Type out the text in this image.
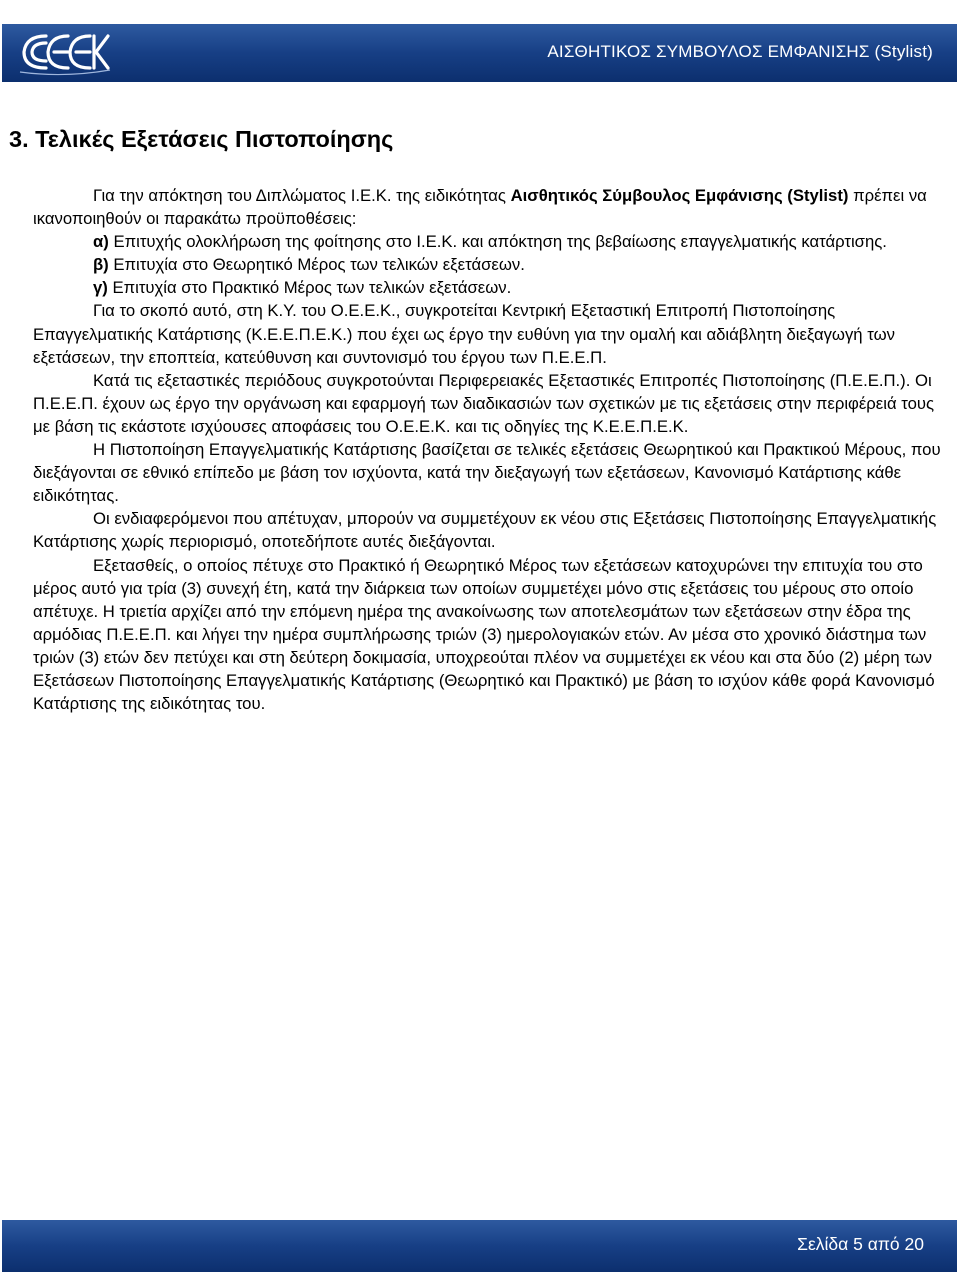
ΑΙΣΘΗΤΙΚΟΣ ΣΥΜΒΟΥΛΟΣ ΕΜΦΑΝΙΣΗΣ (Stylist)
3. Τελικές Εξετάσεις Πιστοποίησης

Για την απόκτηση του Διπλώματος Ι.Ε.Κ. της ειδικότητας Αισθητικός Σύμβουλος Εμφάνισης (Stylist) πρέπει να ικανοποιηθούν οι παρακάτω προϋποθέσεις:

α) Επιτυχής ολοκλήρωση της φοίτησης στο Ι.Ε.Κ. και απόκτηση της βεβαίωσης επαγγελματικής κατάρτισης.

β) Επιτυχία στο Θεωρητικό Μέρος των τελικών εξετάσεων.

γ) Επιτυχία στο Πρακτικό Μέρος των τελικών εξετάσεων.

Για το σκοπό αυτό, στη Κ.Υ. του Ο.Ε.Ε.Κ., συγκροτείται Κεντρική Εξεταστική Επιτροπή Πιστοποίησης Επαγγελματικής Κατάρτισης (Κ.Ε.Ε.Π.Ε.Κ.) που έχει ως έργο την ευθύνη για την ομαλή και αδιάβλητη διεξαγωγή των εξετάσεων, την εποπτεία, κατεύθυνση και συντονισμό του έργου των Π.Ε.Ε.Π.

Κατά τις εξεταστικές περιόδους συγκροτούνται Περιφερειακές Εξεταστικές Επιτροπές Πιστοποίησης (Π.Ε.Ε.Π.). Οι Π.Ε.Ε.Π. έχουν ως έργο την οργάνωση και εφαρμογή των διαδικασιών των σχετικών με τις εξετάσεις στην περιφέρειά τους με βάση τις εκάστοτε ισχύουσες αποφάσεις του Ο.Ε.Ε.Κ. και τις οδηγίες της Κ.Ε.Ε.Π.Ε.Κ.

Η Πιστοποίηση Επαγγελματικής Κατάρτισης βασίζεται σε τελικές εξετάσεις Θεωρητικού και Πρακτικού Μέρους, που διεξάγονται σε εθνικό επίπεδο με βάση τον ισχύοντα, κατά την διεξαγωγή των εξετάσεων, Κανονισμό Κατάρτισης κάθε ειδικότητας.

Οι ενδιαφερόμενοι που απέτυχαν, μπορούν να συμμετέχουν εκ νέου στις Εξετάσεις Πιστοποίησης Επαγγελματικής Κατάρτισης χωρίς περιορισμό, οποτεδήποτε αυτές διεξάγονται.

Εξετασθείς, ο οποίος πέτυχε στο Πρακτικό ή Θεωρητικό Μέρος των εξετάσεων κατοχυρώνει την επιτυχία του στο μέρος αυτό για τρία (3) συνεχή έτη, κατά την διάρκεια των οποίων συμμετέχει μόνο στις εξετάσεις του μέρους στο οποίο απέτυχε. Η τριετία αρχίζει από την επόμενη ημέρα της ανακοίνωσης των αποτελεσμάτων των εξετάσεων στην έδρα της αρμόδιας Π.Ε.Ε.Π. και λήγει την ημέρα συμπλήρωσης τριών (3) ημερολογιακών ετών. Αν μέσα στο χρονικό διάστημα των τριών (3) ετών δεν πετύχει και στη δεύτερη δοκιμασία, υποχρεούται πλέον να συμμετέχει εκ νέου και στα δύο (2) μέρη των Εξετάσεων Πιστοποίησης Επαγγελματικής Κατάρτισης (Θεωρητικό και Πρακτικό) με βάση το ισχύον κάθε φορά Κανονισμό Κατάρτισης της ειδικότητας του.

Σελίδα 5 από 20
